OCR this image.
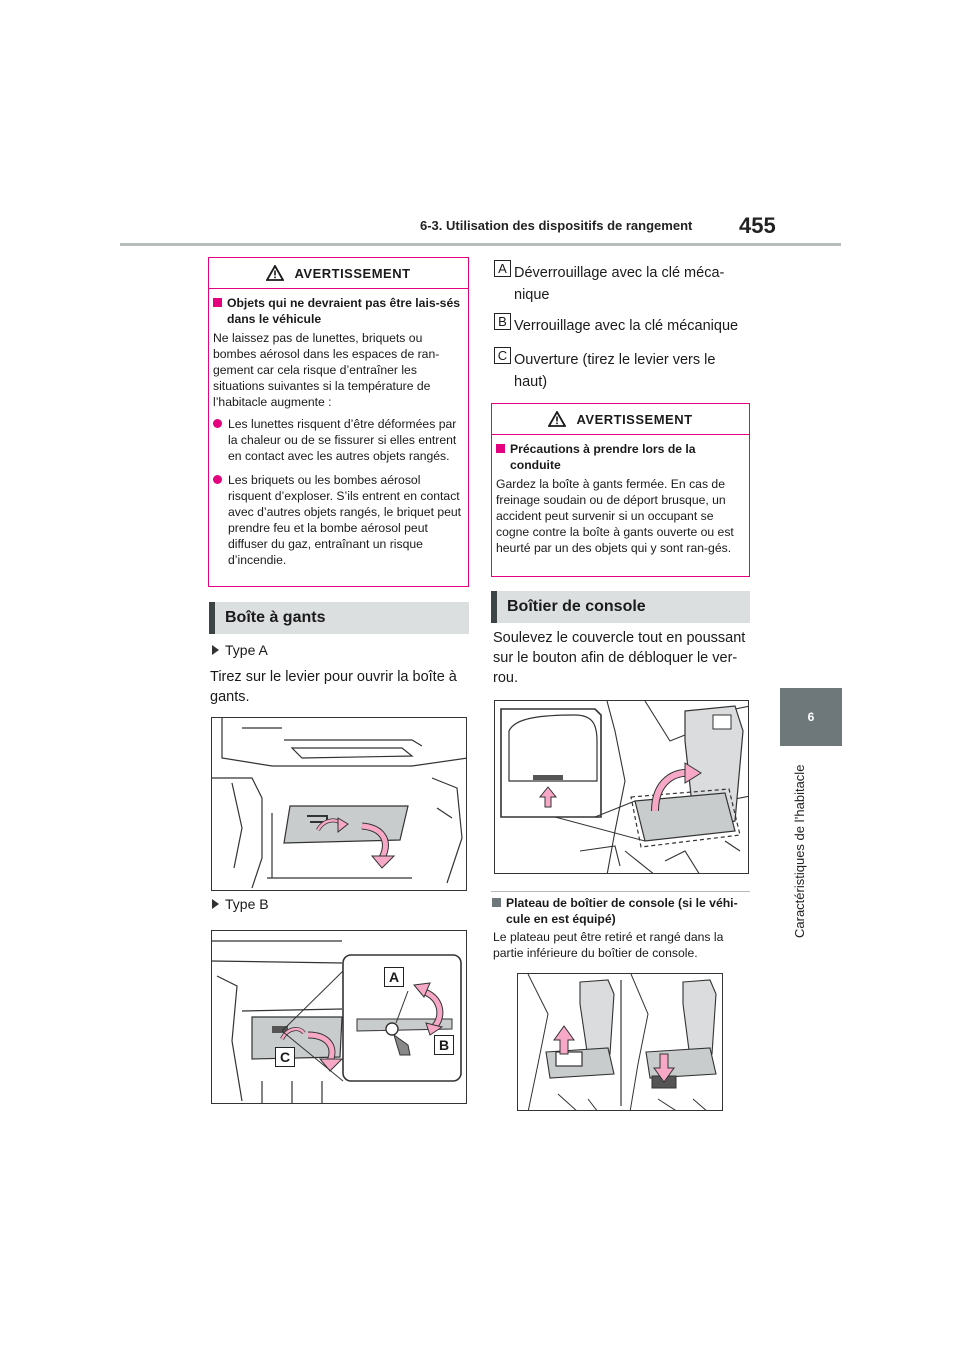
6-3. Utilisation des dispositifs de rangement 455
6
Caractéristiques de l’habitacle
AVERTISSEMENT
Objets qui ne devraient pas être lais-sés dans le véhicule

Ne laissez pas de lunettes, briquets ou bombes aérosol dans les espaces de ran-gement car cela risque d’entraîner les situations suivantes si la température de l’habitacle augmente :

Les lunettes risquent d’être déformées par la chaleur ou de se fissurer si elles entrent en contact avec les autres objets rangés.
Les briquets ou les bombes aérosol risquent d’exploser. S’ils entrent en contact avec d’autres objets rangés, le briquet peut prendre feu et la bombe aérosol peut diffuser du gaz, entraînant un risque d’incendie.
Boîte à gants
Type A

Tirez sur le levier pour ouvrir la boîte à gants.

Type B
A
B
C
A Déverrouillage avec la clé méca-nique
B Verrouillage avec la clé mécanique
C Ouverture (tirez le levier vers le haut)
AVERTISSEMENT
Précautions à prendre lors de la conduite

Gardez la boîte à gants fermée. En cas de freinage soudain ou de déport brusque, un accident peut survenir si un occupant se cogne contre la boîte à gants ouverte ou est heurté par un des objets qui y sont ran-gés.

Boîtier de console

Soulevez le couvercle tout en poussant sur le bouton afin de débloquer le ver-rou.

Plateau de boîtier de console (si le véhi-cule en est équipé)

Le plateau peut être retiré et rangé dans la partie inférieure du boîtier de console.
